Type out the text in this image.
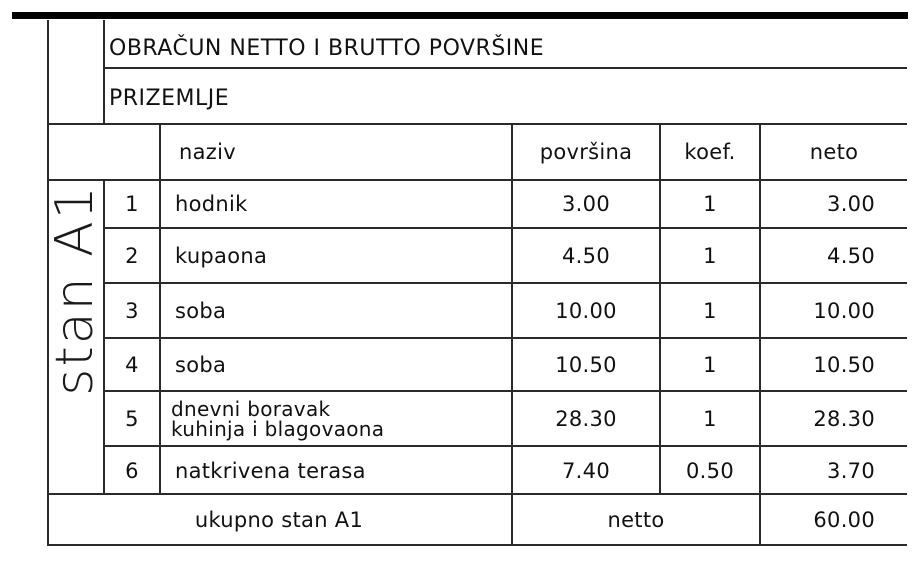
OBRAČUN NETTO I BRUTTO POVRŠINE
PRIZEMLJE
naziv	površina	koef.	neto
stan A1 1	hodnik	3.00	1	3.00
2	kupaona	4.50	1	4.50
3	soba	10.00	1	10.00
4	soba	10.50	1	10.50
5	dnevni boravak
kuhinja i blagovaona	28.30	1	28.30
6	natkrivena terasa	7.40	0.50	3.70
ukupno stan A1	netto	60.00
